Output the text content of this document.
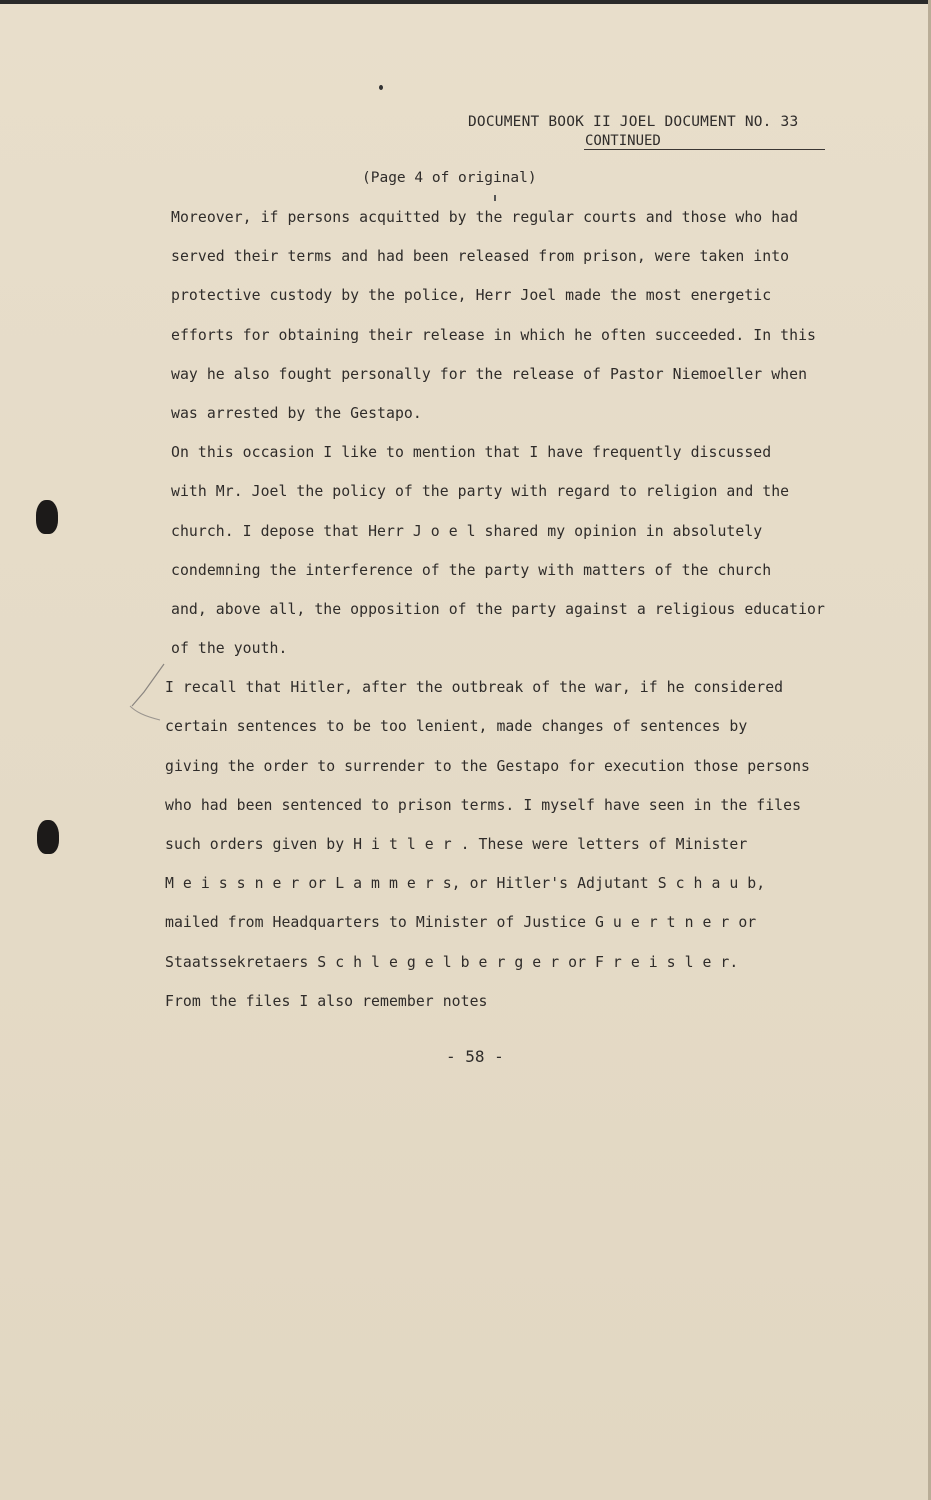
DOCUMENT BOOK II JOEL DOCUMENT NO. 33
CONTINUED
(Page 4 of original)
Moreover, if persons acquitted by the regular courts and those who had
served their terms and had been released from prison, were taken into
protective custody by the police, Herr Joel made the most energetic
efforts for obtaining their release in which he often succeeded. In this
way he also fought personally for the release of Pastor Niemoeller when
was arrested by the Gestapo.
On this occasion I like to mention that I have frequently discussed
with Mr. Joel the policy of the party with regard to religion and the
church. I depose that Herr J o e l shared my opinion in absolutely
condemning the interference of the party with matters of the church
and, above all, the opposition of the party against a religious educatior
of the youth.
I recall that Hitler, after the outbreak of the war, if he considered
certain sentences to be too lenient, made changes of sentences by
giving the order to surrender to the Gestapo for execution those persons
who had been sentenced to prison terms. I myself have seen in the files
such orders given by H i t l e r . These were letters of Minister
M e i s s n e r or L a m m e r s, or Hitler's Adjutant S c h a u b,
mailed from Headquarters to Minister of Justice G u e r t n e r or
Staatssekretaers S c h l e g e l b e r g e r or F r e i s l e r.
From the files I also remember notes
- 58 -
